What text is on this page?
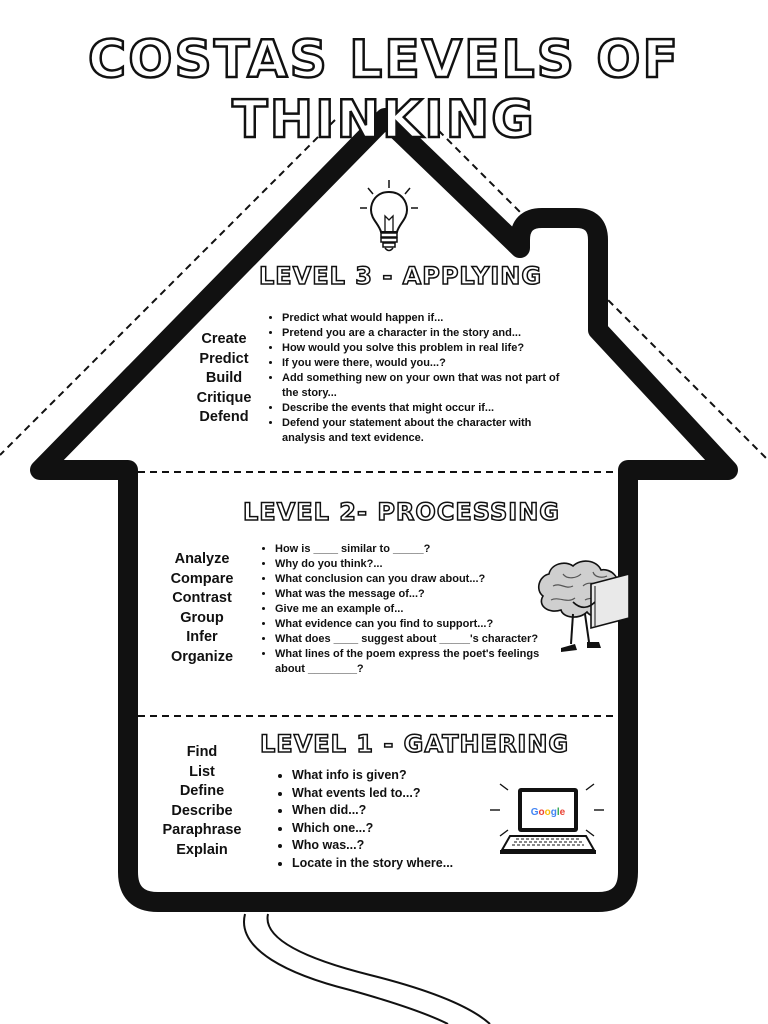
COSTAS LEVELS OF THINKING
LEVEL 3 - APPLYING
Create
Predict
Build
Critique
Defend
• Predict what would happen if...
• Pretend you are a character in the story and...
• How would you solve this problem in real life?
• If you were there, would you...?
• Add something new on your own that was not part of the story...
• Describe the events that might occur if...
• Defend your statement about the character with analysis and text evidence.
LEVEL 2- PROCESSING
Analyze
Compare
Contrast
Group
Infer
Organize
• How is ____ similar to _____?
• Why do you think?...
• What conclusion can you draw about...?
• What was the message of...?
• Give me an example of...
• What evidence can you find to support...?
• What does ____ suggest about _____'s character?
• What lines of the poem express the poet's feelings about ________?
LEVEL 1 - GATHERING
Find
List
Define
Describe
Paraphrase
Explain
• What info is given?
• What events led to...?
• When did...?
• Which one...?
• Who was...?
• Locate in the story where...
Google
